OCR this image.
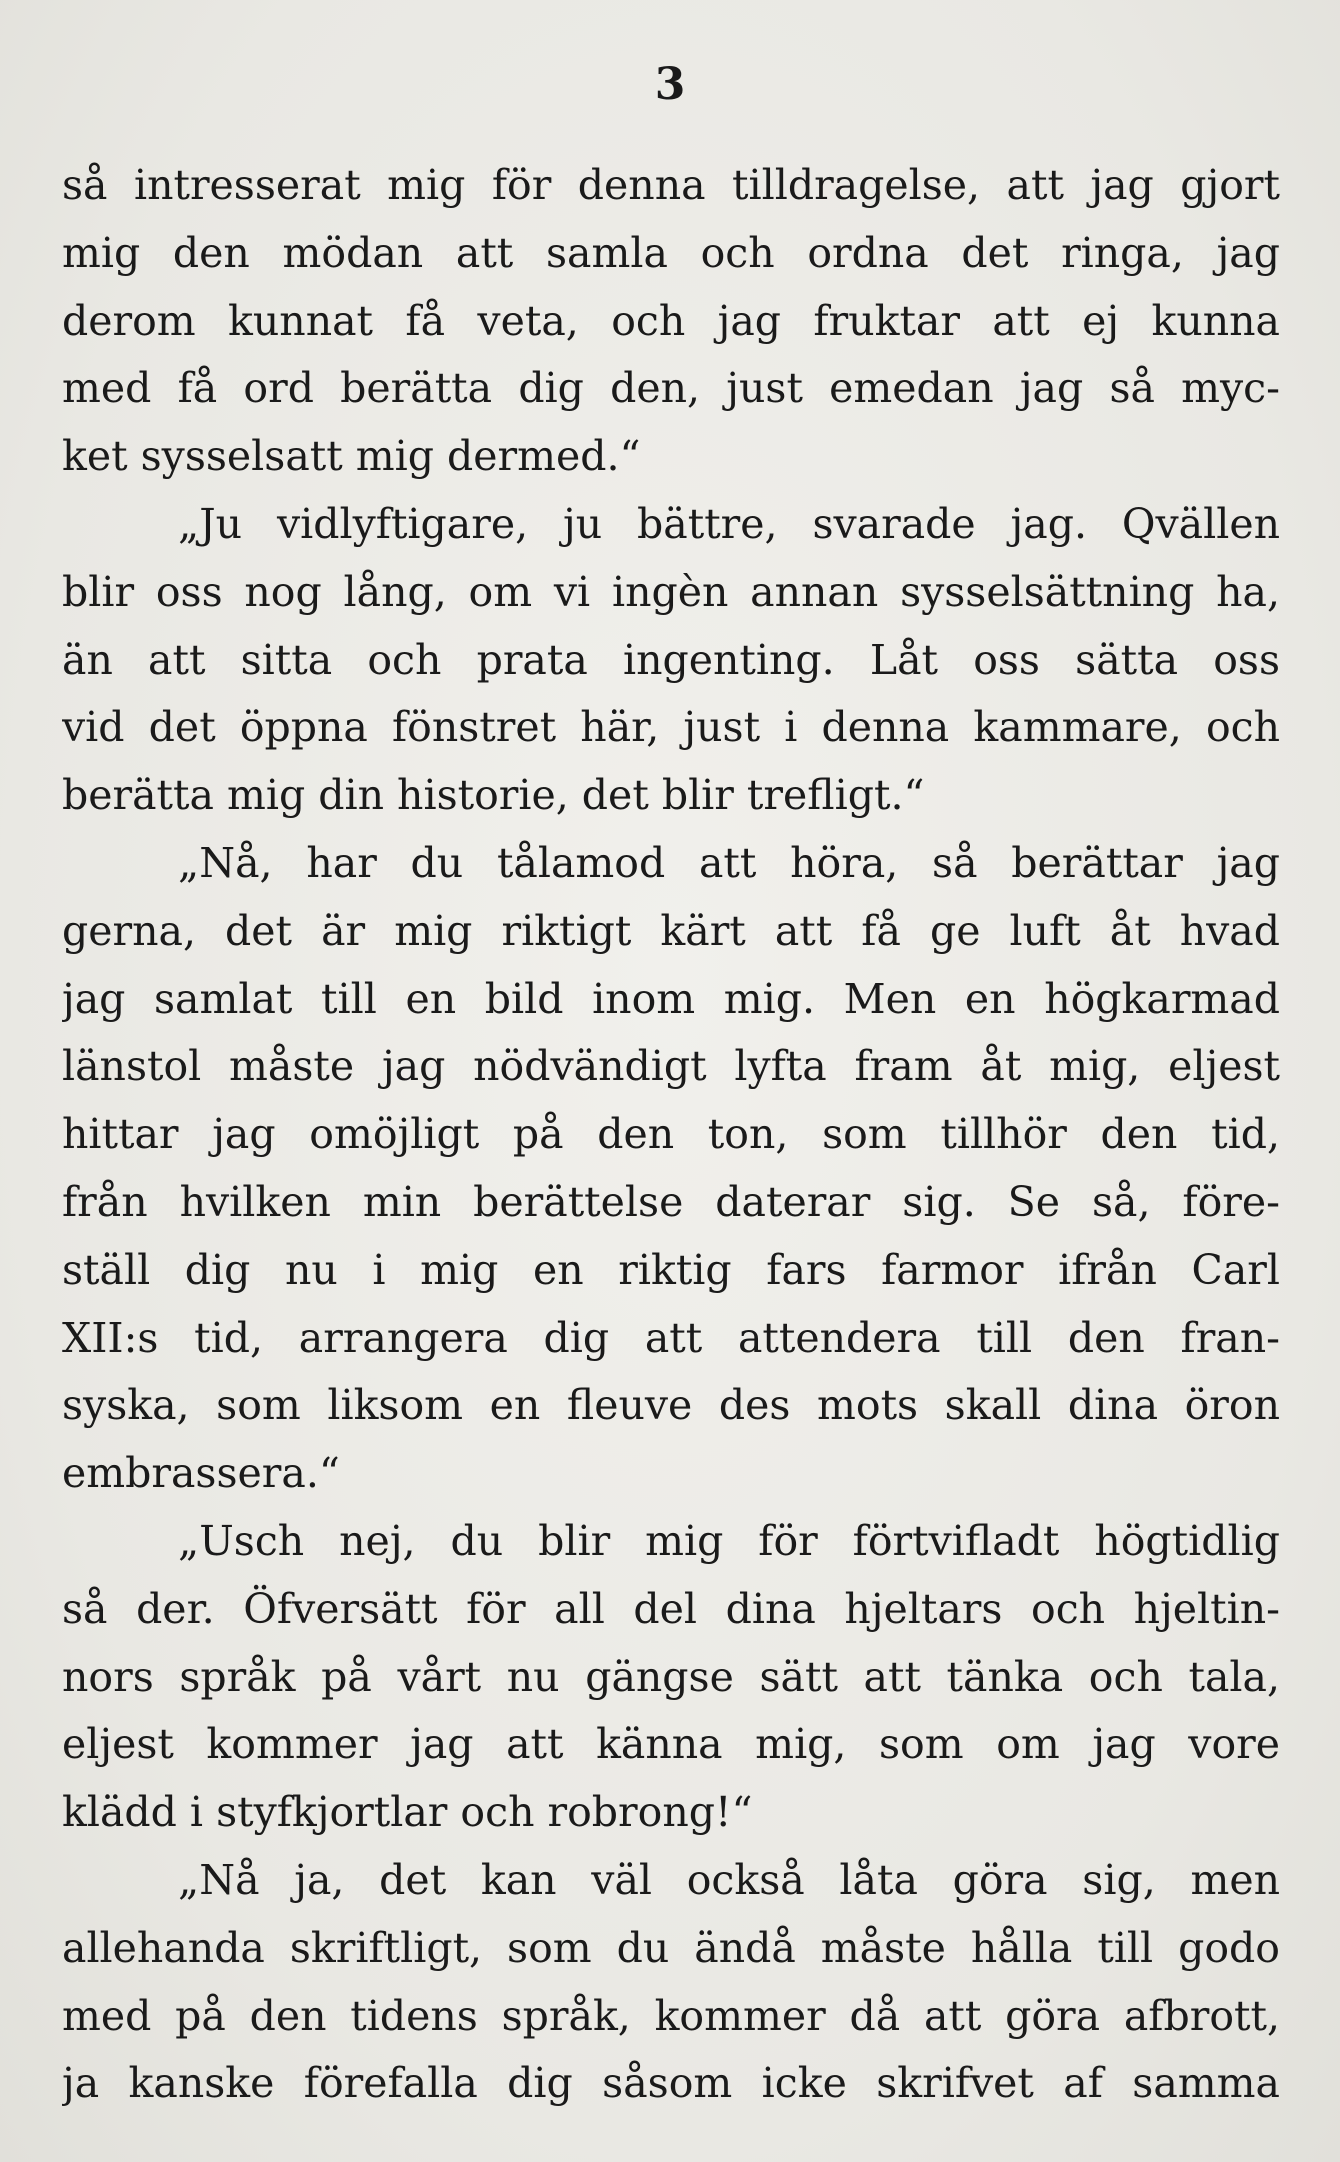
3
så intresserat mig för denna tilldragelse, att jag gjort
mig den mödan att samla och ordna det ringa, jag
derom kunnat få veta, och jag fruktar att ej kunna
med få ord berätta dig den, just emedan jag så myc-
ket sysselsatt mig dermed.“
„Ju vidlyftigare, ju bättre, svarade jag. Qvällen
blir oss nog lång, om vi ingèn annan sysselsättning ha,
än att sitta och prata ingenting. Låt oss sätta oss
vid det öppna fönstret här, just i denna kammare, och
berätta mig din historie, det blir trefligt.“
„Nå, har du tålamod att höra, så berättar jag
gerna, det är mig riktigt kärt att få ge luft åt hvad
jag samlat till en bild inom mig. Men en högkarmad
länstol måste jag nödvändigt lyfta fram åt mig, eljest
hittar jag omöjligt på den ton, som tillhör den tid,
från hvilken min berättelse daterar sig. Se så, före-
ställ dig nu i mig en riktig fars farmor ifrån Carl
XII:s tid, arrangera dig att attendera till den fran-
syska, som liksom en fleuve des mots skall dina öron
embrassera.“
„Usch nej, du blir mig för förtvifladt högtidlig
så der. Öfversätt för all del dina hjeltars och hjeltin-
nors språk på vårt nu gängse sätt att tänka och tala,
eljest kommer jag att känna mig, som om jag vore
klädd i styfkjortlar och robrong!“
„Nå ja, det kan väl också låta göra sig, men
allehanda skriftligt, som du ändå måste hålla till godo
med på den tidens språk, kommer då att göra afbrott,
ja kanske förefalla dig såsom icke skrifvet af samma
